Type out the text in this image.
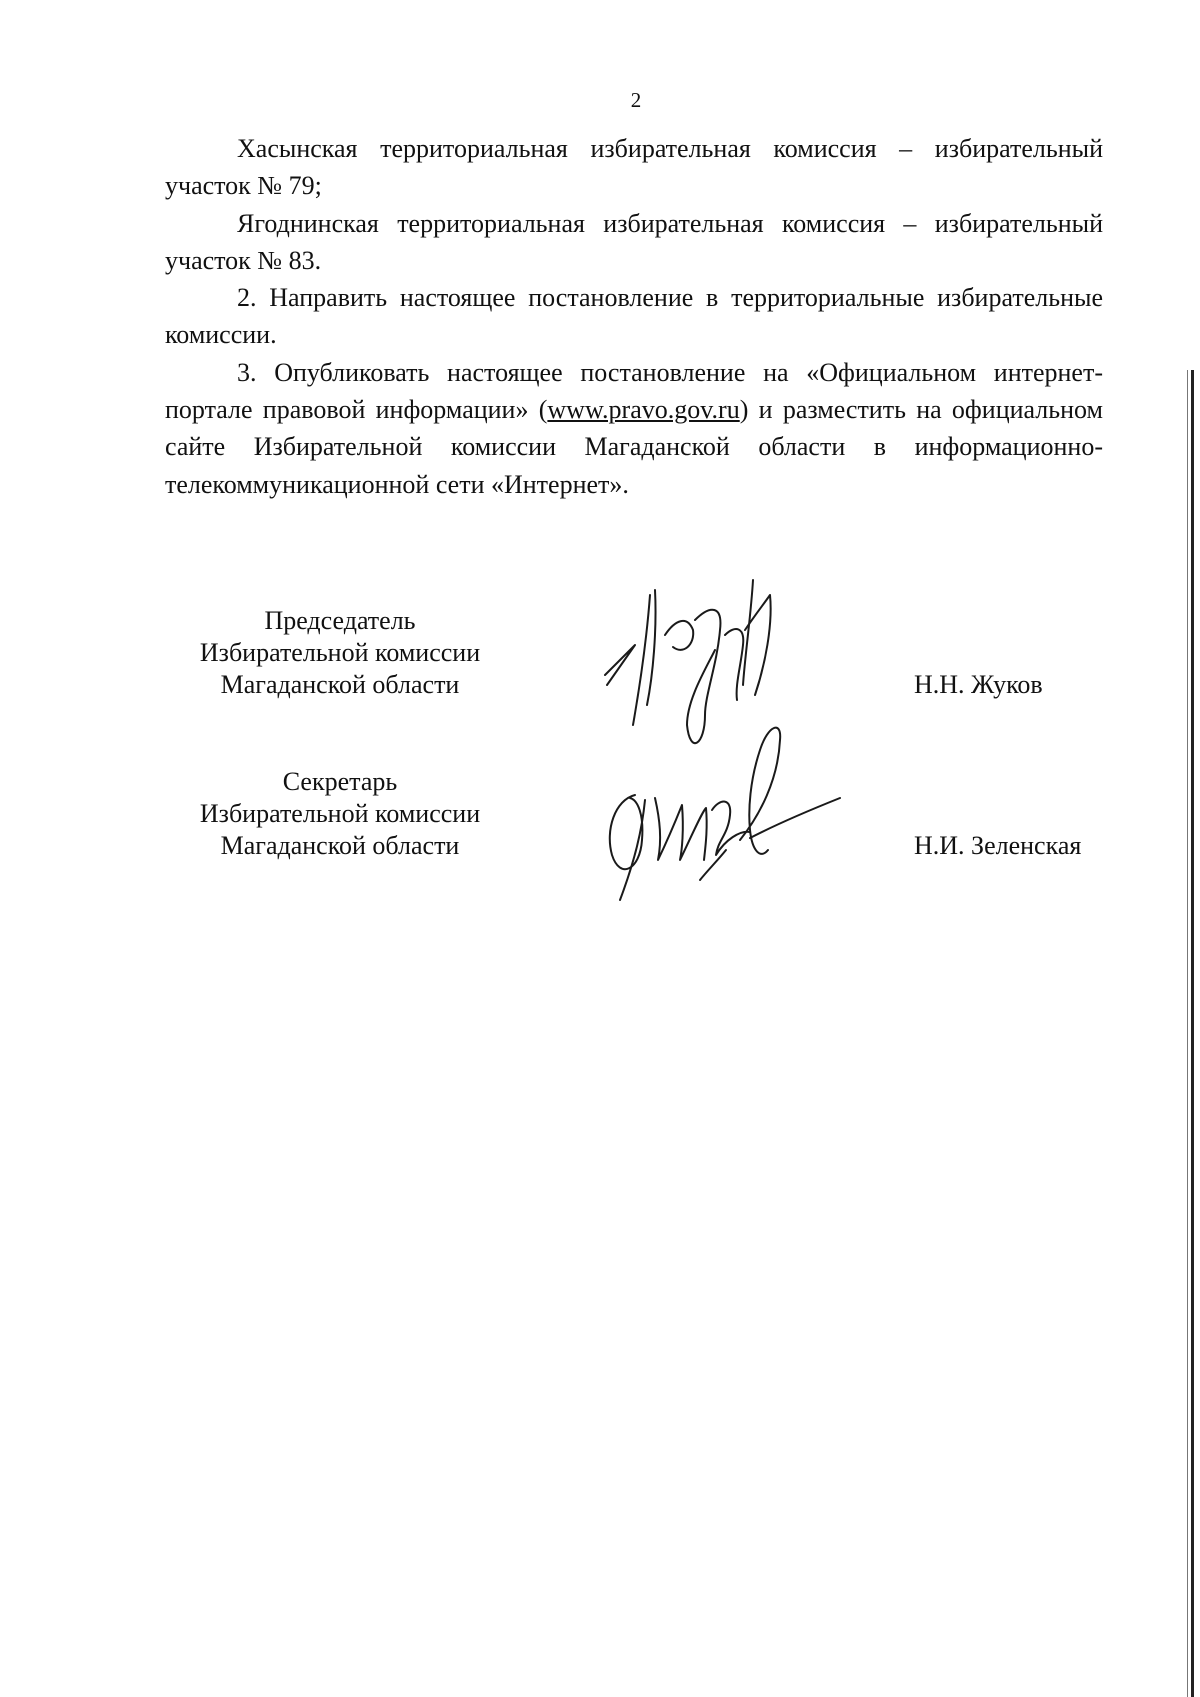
2

Хасынская территориальная избирательная комиссия – избирательный участок № 79;

Ягоднинская территориальная избирательная комиссия – избирательный участок № 83.

2. Направить настоящее постановление в территориальные избирательные комиссии.

3. Опубликовать настоящее постановление на «Официальном интернет-портале правовой информации» (www.pravo.gov.ru) и разместить на официальном сайте Избирательной комиссии Магаданской области в информационно-телекоммуникационной сети «Интернет».

Председатель
Избирательной комиссии
Магаданской области	Н.Н. Жуков
Секретарь
Избирательной комиссии
Магаданской области	Н.И. Зеленская
